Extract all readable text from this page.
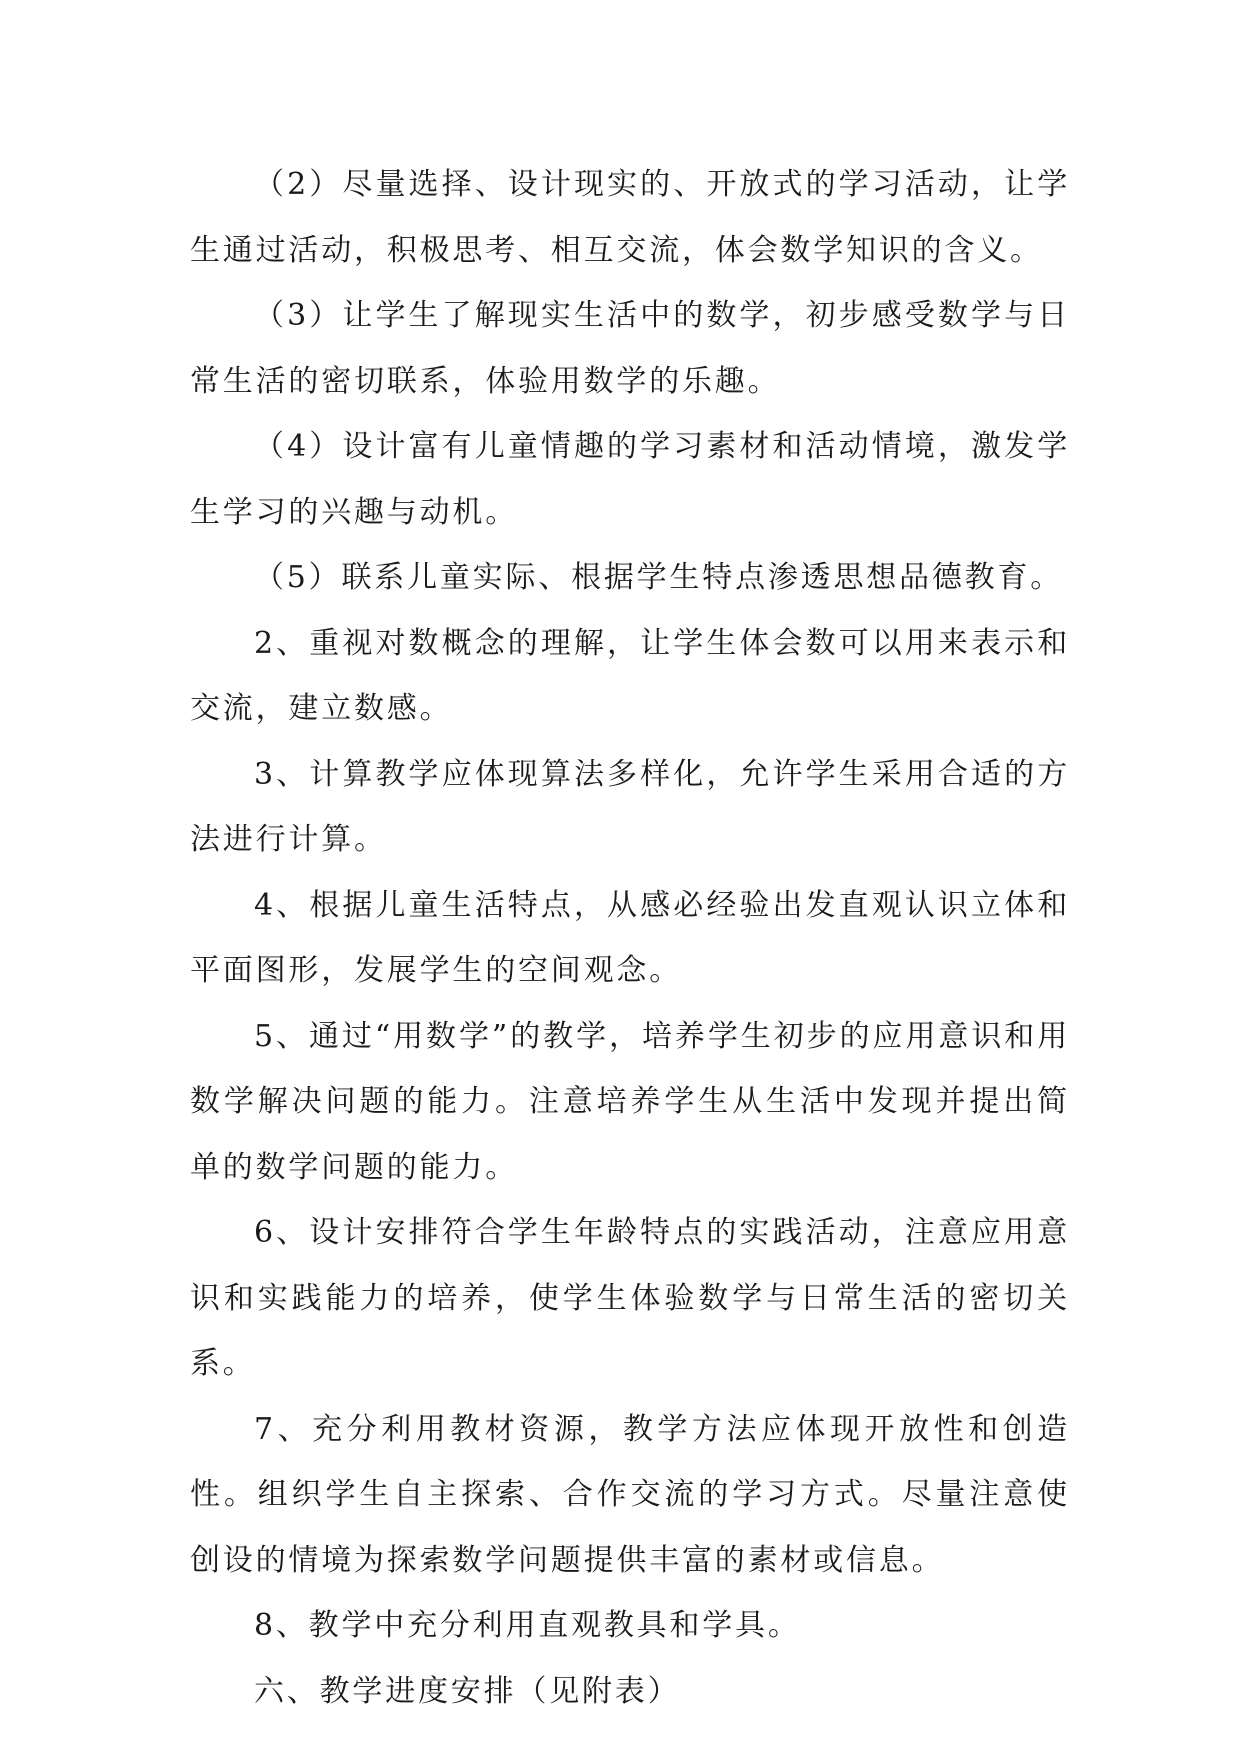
（2）尽量选择、设计现实的、开放式的学习活动，让学生通过活动，积极思考、相互交流，体会数学知识的含义。

（3）让学生了解现实生活中的数学，初步感受数学与日常生活的密切联系，体验用数学的乐趣。

（4）设计富有儿童情趣的学习素材和活动情境，激发学生学习的兴趣与动机。

（5）联系儿童实际、根据学生特点渗透思想品德教育。

2、重视对数概念的理解，让学生体会数可以用来表示和交流，建立数感。

3、计算教学应体现算法多样化，允许学生采用合适的方法进行计算。

4、根据儿童生活特点，从感必经验出发直观认识立体和平面图形，发展学生的空间观念。

5、通过“用数学”的教学，培养学生初步的应用意识和用数学解决问题的能力。注意培养学生从生活中发现并提出简单的数学问题的能力。

6、设计安排符合学生年龄特点的实践活动，注意应用意识和实践能力的培养，使学生体验数学与日常生活的密切关系。

7、充分利用教材资源，教学方法应体现开放性和创造性。组织学生自主探索、合作交流的学习方式。尽量注意使创设的情境为探索数学问题提供丰富的素材或信息。

8、教学中充分利用直观教具和学具。

六、教学进度安排（见附表）
